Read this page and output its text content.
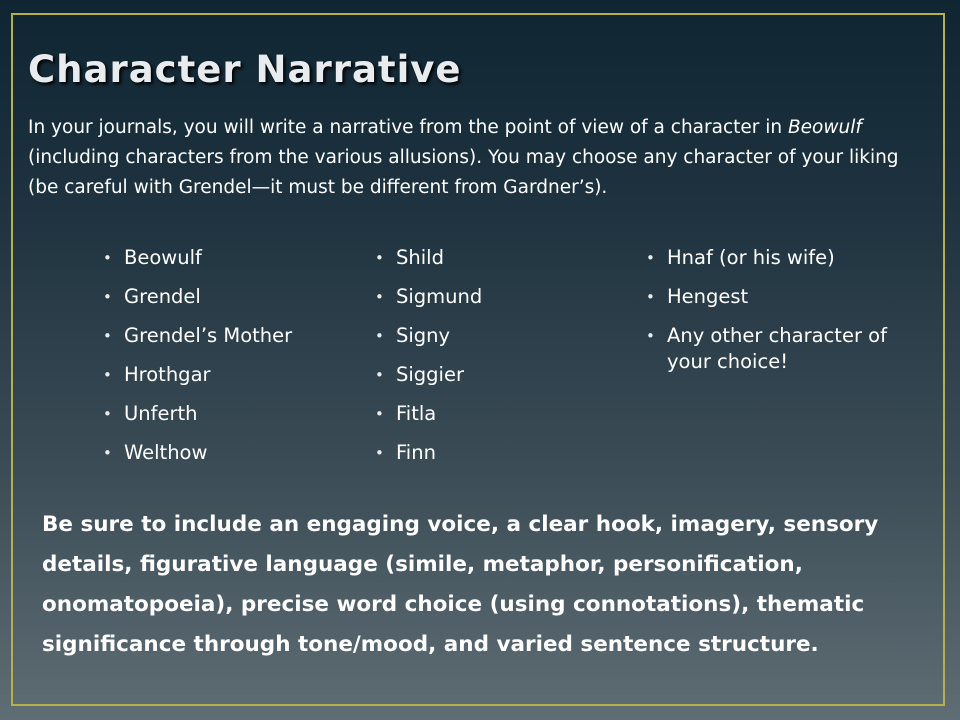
Character Narrative

In your journals, you will write a narrative from the point of view of a character in Beowulf (including characters from the various allusions). You may choose any character of your liking (be careful with Grendel—it must be different from Gardner’s).

• Beowulf
• Grendel
• Grendel’s Mother
• Hrothgar
• Unferth
• Welthow
• Shild
• Sigmund
• Signy
• Siggier
• Fitla
• Finn
• Hnaf (or his wife)
• Hengest
• Any other character of your choice!

Be sure to include an engaging voice, a clear hook, imagery, sensory details, figurative language (simile, metaphor, personification, onomatopoeia), precise word choice (using connotations), thematic significance through tone/mood, and varied sentence structure.
